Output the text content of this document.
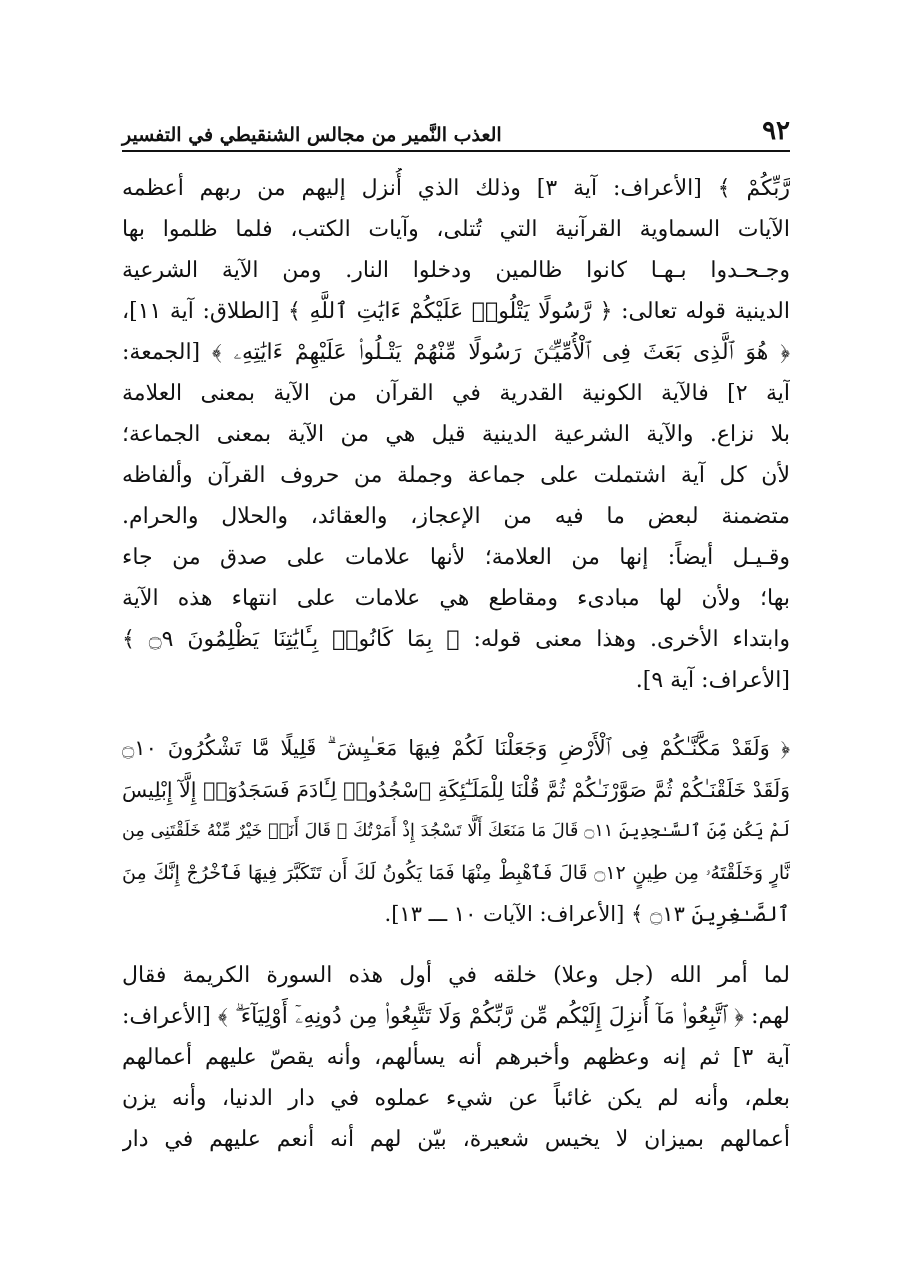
٩٢
العذب النَّمير من مجالس الشنقيطي في التفسير
رَّبِّكُمْ ﴾ [الأعراف: آية ٣] وذلك الذي أُنزل إليهم من ربهم أعظمه
الآيات السماوية القرآنية التي تُتلى، وآيات الكتب، فلما ظلموا بها
وجـحـدوا بـهـا كانوا ظالمين ودخلوا النار. ومن الآية الشرعية
الدينية قوله تعالى: ﴿ رَّسُولًا يَتْلُوا۟ عَلَيْكُمْ ءَايَٰتِ ٱللَّهِ ﴾ [الطلاق: آية ١١]،
﴿ هُوَ ٱلَّذِى بَعَثَ فِى ٱلْأُمِّيِّـۧنَ رَسُولًا مِّنْهُمْ يَتْـلُوا۟ عَلَيْهِمْ ءَايَٰتِهِۦ ﴾ [الجمعة:
آية ٢] فالآية الكونية القدرية في القرآن من الآية بمعنى العلامة
بلا نزاع. والآية الشرعية الدينية قيل هي من الآية بمعنى الجماعة؛
لأن كل آية اشتملت على جماعة وجملة من حروف القرآن وألفاظه
متضمنة لبعض ما فيه من الإعجاز، والعقائد، والحلال والحرام.
وقـيـل أيضاً: إنها من العلامة؛ لأنها علامات على صدق من جاء
بها؛ ولأن لها مبادىء ومقاطع هي علامات على انتهاء هذه الآية
وابتداء الأخرى. وهذا معنى قوله: ﴿ بِمَا كَانُوا۟ بِـَٔايَٰتِنَا يَظْلِمُونَ ۝٩ ﴾
[الأعراف: آية ٩].
﴿ وَلَقَدْ مَكَّنَّـٰكُمْ فِى ٱلْأَرْضِ وَجَعَلْنَا لَكُمْ فِيهَا مَعَـٰيِشَ ۗ قَلِيلًا مَّا تَشْكُرُونَ ۝١٠
وَلَقَدْ خَلَقْنَـٰكُمْ ثُمَّ صَوَّرْنَـٰكُمْ ثُمَّ قُلْنَا لِلْمَلَـٰٓئِكَةِ ٱسْجُدُوا۟ لِـَٔادَمَ فَسَجَدُوٓا۟ إِلَّآ إِبْلِيسَ
لَمْ يَكُن مِّنَ ٱلسَّـٰجِدِينَ ۝١١ قَالَ مَا مَنَعَكَ أَلَّا تَسْجُدَ إِذْ أَمَرْتُكَ ۖ قَالَ أَنَا۠ خَيْرٌ مِّنْهُ خَلَقْتَنِى مِن
نَّارٍ وَخَلَقْتَهُۥ مِن طِينٍ ۝١٢ قَالَ فَٱهْبِطْ مِنْهَا فَمَا يَكُونُ لَكَ أَن تَتَكَبَّرَ فِيهَا فَٱخْرُجْ إِنَّكَ مِنَ
ٱلصَّـٰغِرِينَ ۝١٣ ﴾ [الأعراف: الآيات ١٠ ـــ ١٣].
لما أمر الله (جل وعلا) خلقه في أول هذه السورة الكريمة فقال
لهم: ﴿ ٱتَّبِعُوا۟ مَآ أُنزِلَ إِلَيْكُم مِّن رَّبِّكُمْ وَلَا تَتَّبِعُوا۟ مِن دُونِهِۦٓ أَوْلِيَآءَ ۗ ﴾ [الأعراف:
آية ٣] ثم إنه وعظهم وأخبرهم أنه يسألهم، وأنه يقصّ عليهم أعمالهم
بعلم، وأنه لم يكن غائباً عن شيء عملوه في دار الدنيا، وأنه يزن
أعمالهم بميزان لا يخيس شعيرة، بيّن لهم أنه أنعم عليهم في دار
